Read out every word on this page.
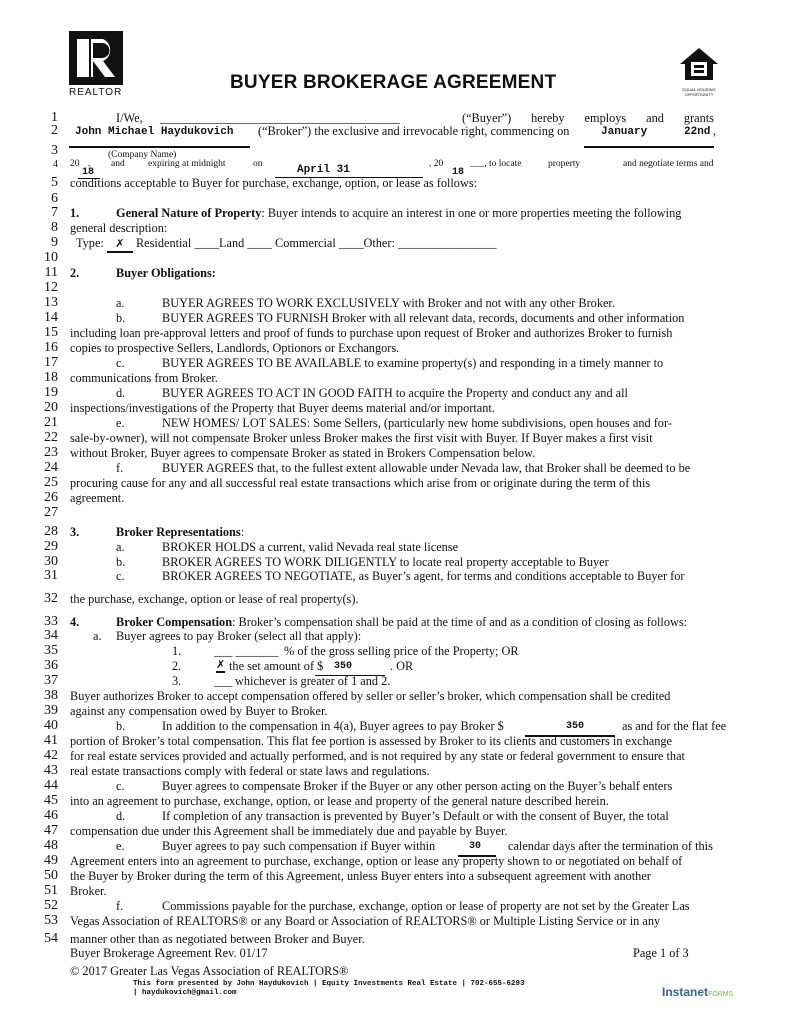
REALTOR	BUYER BROKERAGE AGREEMENT	EQUAL HOUSING OPPORTUNITY
1
2
3
4
5
6
7
8
9
10
11
12
13
14
15
16
17
18
19
20
21
22
23
24
25
26
27
28
29
30
31
32
33
34
35
36
37
38
39
40
41
42
43
44
45
46
47
48
49
50
51
52
53
54
I/We, _______________________________________	(“Buyer”) hereby employs and grants
John Michael Haydukovich (“Broker”) the exclusive and irrevocable right, commencing on	January	22nd ,
(Company Name)
20 ,
18
and expiring at midnight	on	April 31	, 20
18
___, to locate	property	and negotiate terms and
conditions acceptable to Buyer for purchase, exchange, option, or lease as follows:
1.	General Nature of Property: Buyer intends to acquire an interest in one or more properties meeting the following
general description:
Type: ✗ Residential ____Land ____ Commercial ____Other: ________________
2.	Buyer Obligations:
a.	BUYER AGREES TO WORK EXCLUSIVELY with Broker and not with any other Broker.
b.	BUYER AGREES TO FURNISH Broker with all relevant data, records, documents and other information
including loan pre-approval letters and proof of funds to purchase upon request of Broker and authorizes Broker to furnish
copies to prospective Sellers, Landlords, Optionors or Exchangors.
c.	BUYER AGREES TO BE AVAILABLE to examine property(s) and responding in a timely manner to
communications from Broker.
d.	BUYER AGREES TO ACT IN GOOD FAITH to acquire the Property and conduct any and all
inspections/investigations of the Property that Buyer deems material and/or important.
e.	NEW HOMES/ LOT SALES: Some Sellers, (particularly new home subdivisions, open houses and for-
sale-by-owner), will not compensate Broker unless Broker makes the first visit with Buyer. If Buyer makes a first visit
without Broker, Buyer agrees to compensate Broker as stated in Brokers Compensation below.
f.	BUYER AGREES that, to the fullest extent allowable under Nevada law, that Broker shall be deemed to be
procuring cause for any and all successful real estate transactions which arise from or originate during the term of this
agreement.
3.	Broker Representations:
a.	BROKER HOLDS a current, valid Nevada real state license
b.	BROKER AGREES TO WORK DILIGENTLY to locate real property acceptable to Buyer
c.	BROKER AGREES TO NEGOTIATE, as Buyer’s agent, for terms and conditions acceptable to Buyer for
the purchase, exchange, option or lease of real property(s).
4.	Broker Compensation: Broker’s compensation shall be paid at the time of and as a condition of closing as follows:
a. Buyer agrees to pay Broker (select all that apply):
1.	___ _______ % of the gross selling price of the Property; OR
2.	✗ the set amount of $ 350	. OR
3.	___ whichever is greater of 1 and 2.
Buyer authorizes Broker to accept compensation offered by seller or seller’s broker, which compensation shall be credited
against any compensation owed by Buyer to Broker.
b.	In addition to the compensation in 4(a), Buyer agrees to pay Broker $	350	as and for the flat fee
portion of Broker’s total compensation. This flat fee portion is assessed by Broker to its clients and customers in exchange
for real estate services provided and actually performed, and is not required by any state or federal government to ensure that
real estate transactions comply with federal or state laws and regulations.
c.	Buyer agrees to compensate Broker if the Buyer or any other person acting on the Buyer’s behalf enters
into an agreement to purchase, exchange, option, or lease and property of the general nature described herein.
d.	If completion of any transaction is prevented by Buyer’s Default or with the consent of Buyer, the total
compensation due under this Agreement shall be immediately due and payable by Buyer.
e.	Buyer agrees to pay such compensation if Buyer within	30 calendar days after the termination of this
Agreement enters into an agreement to purchase, exchange, option or lease any property shown to or negotiated on behalf of
the Buyer by Broker during the term of this Agreement, unless Buyer enters into a subsequent agreement with another
Broker.
f.	Commissions payable for the purchase, exchange, option or lease of property are not set by the Greater Las
Vegas Association of REALTORS® or any Board or Association of REALTORS® or Multiple Listing Service or in any
manner other than as negotiated between Broker and Buyer.
Buyer Brokerage Agreement Rev. 01/17	Page 1 of 3
© 2017 Greater Las Vegas Association of REALTORS®
This form presented by John Haydukovich | Equity Investments Real Estate | 702-655-6293
| haydukovich@gmail.com	InstanetFORMS
